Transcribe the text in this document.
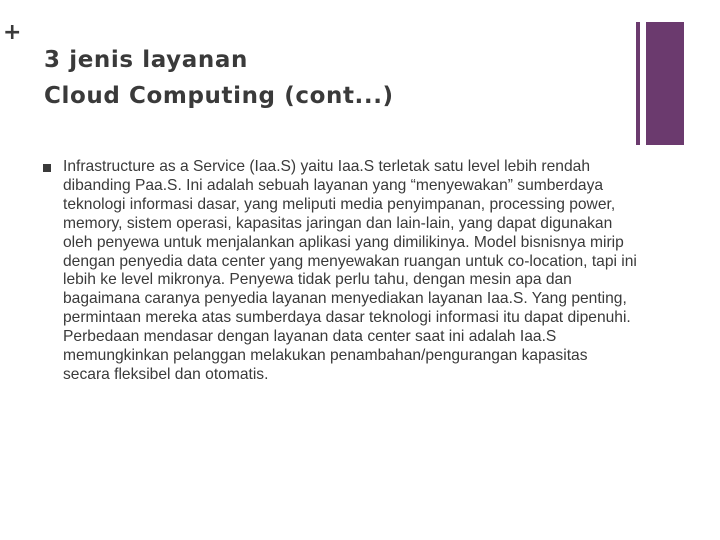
+
3 jenis layanan
Cloud Computing (cont...)

Infrastructure as a Service (Iaa.S) yaitu Iaa.S terletak satu level lebih rendah dibanding Paa.S. Ini adalah sebuah layanan yang “menyewakan” sumberdaya teknologi informasi dasar, yang meliputi media penyimpanan, processing power, memory, sistem operasi, kapasitas jaringan dan lain-lain, yang dapat digunakan oleh penyewa untuk menjalankan aplikasi yang dimilikinya. Model bisnisnya mirip dengan penyedia data center yang menyewakan ruangan untuk co-location, tapi ini lebih ke level mikronya. Penyewa tidak perlu tahu, dengan mesin apa dan bagaimana caranya penyedia layanan menyediakan layanan Iaa.S. Yang penting, permintaan mereka atas sumberdaya dasar teknologi informasi itu dapat dipenuhi. Perbedaan mendasar dengan layanan data center saat ini adalah Iaa.S memungkinkan pelanggan melakukan penambahan/pengurangan kapasitas secara fleksibel dan otomatis.
